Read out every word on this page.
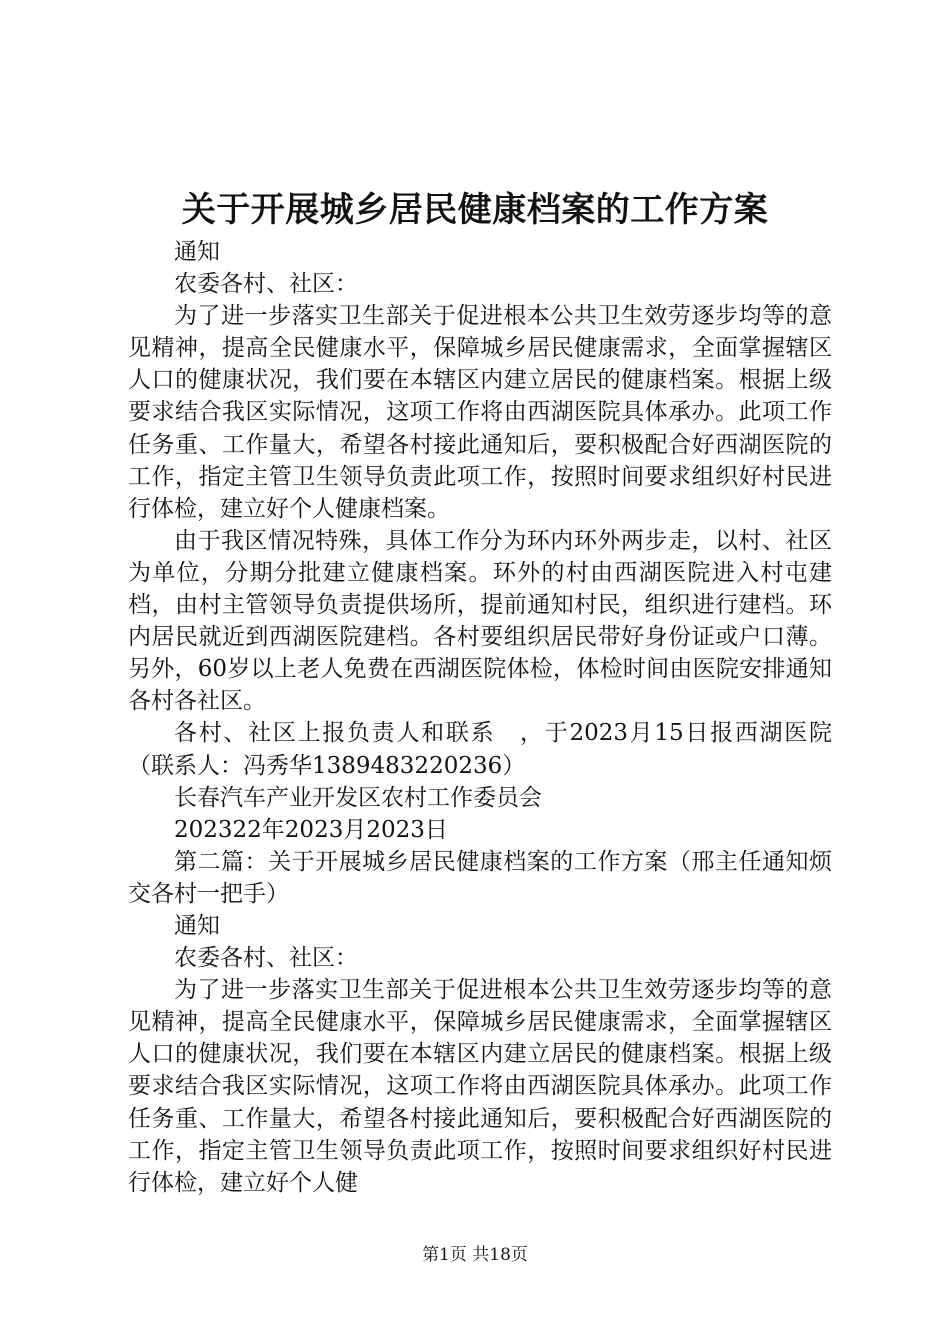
关于开展城乡居民健康档案的工作方案

通知

农委各村、社区：

为了进一步落实卫生部关于促进根本公共卫生效劳逐步均等的意见精神，提高全民健康水平，保障城乡居民健康需求，全面掌握辖区人口的健康状况，我们要在本辖区内建立居民的健康档案。根据上级要求结合我区实际情况，这项工作将由西湖医院具体承办。此项工作任务重、工作量大，希望各村接此通知后，要积极配合好西湖医院的工作，指定主管卫生领导负责此项工作，按照时间要求组织好村民进行体检，建立好个人健康档案。

由于我区情况特殊，具体工作分为环内环外两步走，以村、社区为单位，分期分批建立健康档案。环外的村由西湖医院进入村屯建档，由村主管领导负责提供场所，提前通知村民，组织进行建档。环内居民就近到西湖医院建档。各村要组织居民带好身份证或户口薄。另外，60岁以上老人免费在西湖医院体检，体检时间由医院安排通知各村各社区。

各村、社区上报负责人和联系　，于2023月15日报西湖医院（联系人：冯秀华1389483220236）

长春汽车产业开发区农村工作委员会

202322年2023月2023日

第二篇：关于开展城乡居民健康档案的工作方案（邢主任通知烦交各村一把手）

通知

农委各村、社区：

为了进一步落实卫生部关于促进根本公共卫生效劳逐步均等的意见精神，提高全民健康水平，保障城乡居民健康需求，全面掌握辖区人口的健康状况，我们要在本辖区内建立居民的健康档案。根据上级要求结合我区实际情况，这项工作将由西湖医院具体承办。此项工作任务重、工作量大，希望各村接此通知后，要积极配合好西湖医院的工作，指定主管卫生领导负责此项工作，按照时间要求组织好村民进行体检，建立好个人健

第1页 共18页
